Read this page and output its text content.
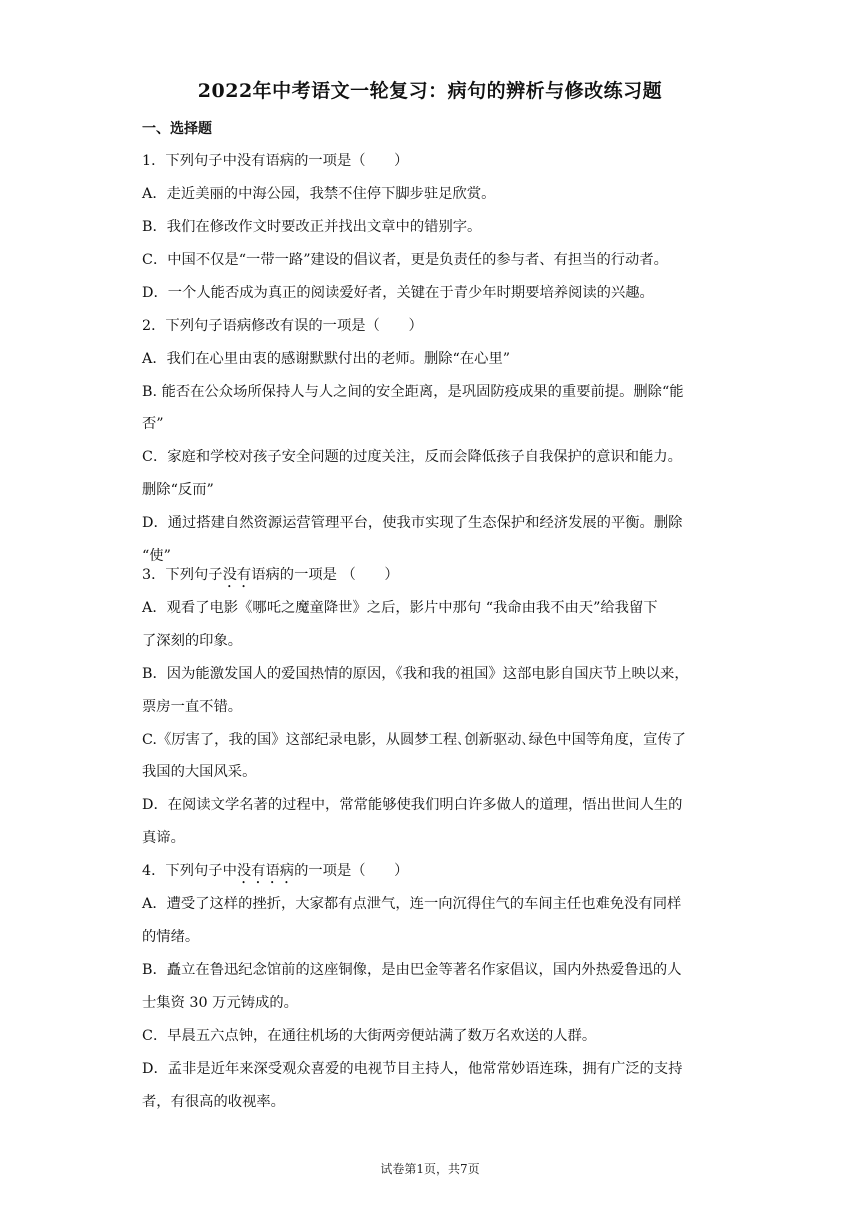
2022年中考语文一轮复习：病句的辨析与修改练习题
一、选择题
1．下列句子中没有语病的一项是（　　）
A．走近美丽的中海公园，我禁不住停下脚步驻足欣赏。
B．我们在修改作文时要改正并找出文章中的错别字。
C．中国不仅是“一带一路”建设的倡议者，更是负责任的参与者、有担当的行动者。
D．一个人能否成为真正的阅读爱好者，关键在于青少年时期要培养阅读的兴趣。
2．下列句子语病修改有误的一项是（　　）
A．我们在心里由衷的感谢默默付出的老师。删除“在心里”
B. 能否在公众场所保持人与人之间的安全距离，是巩固防疫成果的重要前提。删除“能
否”
C．家庭和学校对孩子安全问题的过度关注，反而会降低孩子自我保护的意识和能力。
删除“反而”
D．通过搭建自然资源运营管理平台，使我市实现了生态保护和经济发展的平衡。删除
“使”
3．下列句子没有语病的一项是 （　　）
A．观看了电影《哪吒之魔童降世》之后，影片中那句 “我命由我不由天”给我留下
了深刻的印象。
B．因为能激发国人的爱国热情的原因，《我和我的祖国》这部电影自国庆节上映以来，
票房一直不错。
C.《厉害了，我的国》这部纪录电影，从圆梦工程､创新驱动､绿色中国等角度，宣传了
我国的大国风采。
D．在阅读文学名著的过程中，常常能够使我们明白许多做人的道理，悟出世间人生的
真谛。
4．下列句子中没有语病的一项是（　　）
A．遭受了这样的挫折，大家都有点泄气，连一向沉得住气的车间主任也难免没有同样
的情绪。
B．矗立在鲁迅纪念馆前的这座铜像，是由巴金等著名作家倡议，国内外热爱鲁迅的人
士集资 30 万元铸成的。
C．早晨五六点钟，在通往机场的大街两旁便站满了数万名欢送的人群。
D．孟非是近年来深受观众喜爱的电视节目主持人，他常常妙语连珠，拥有广泛的支持
者，有很高的收视率。
试卷第1页，共7页
